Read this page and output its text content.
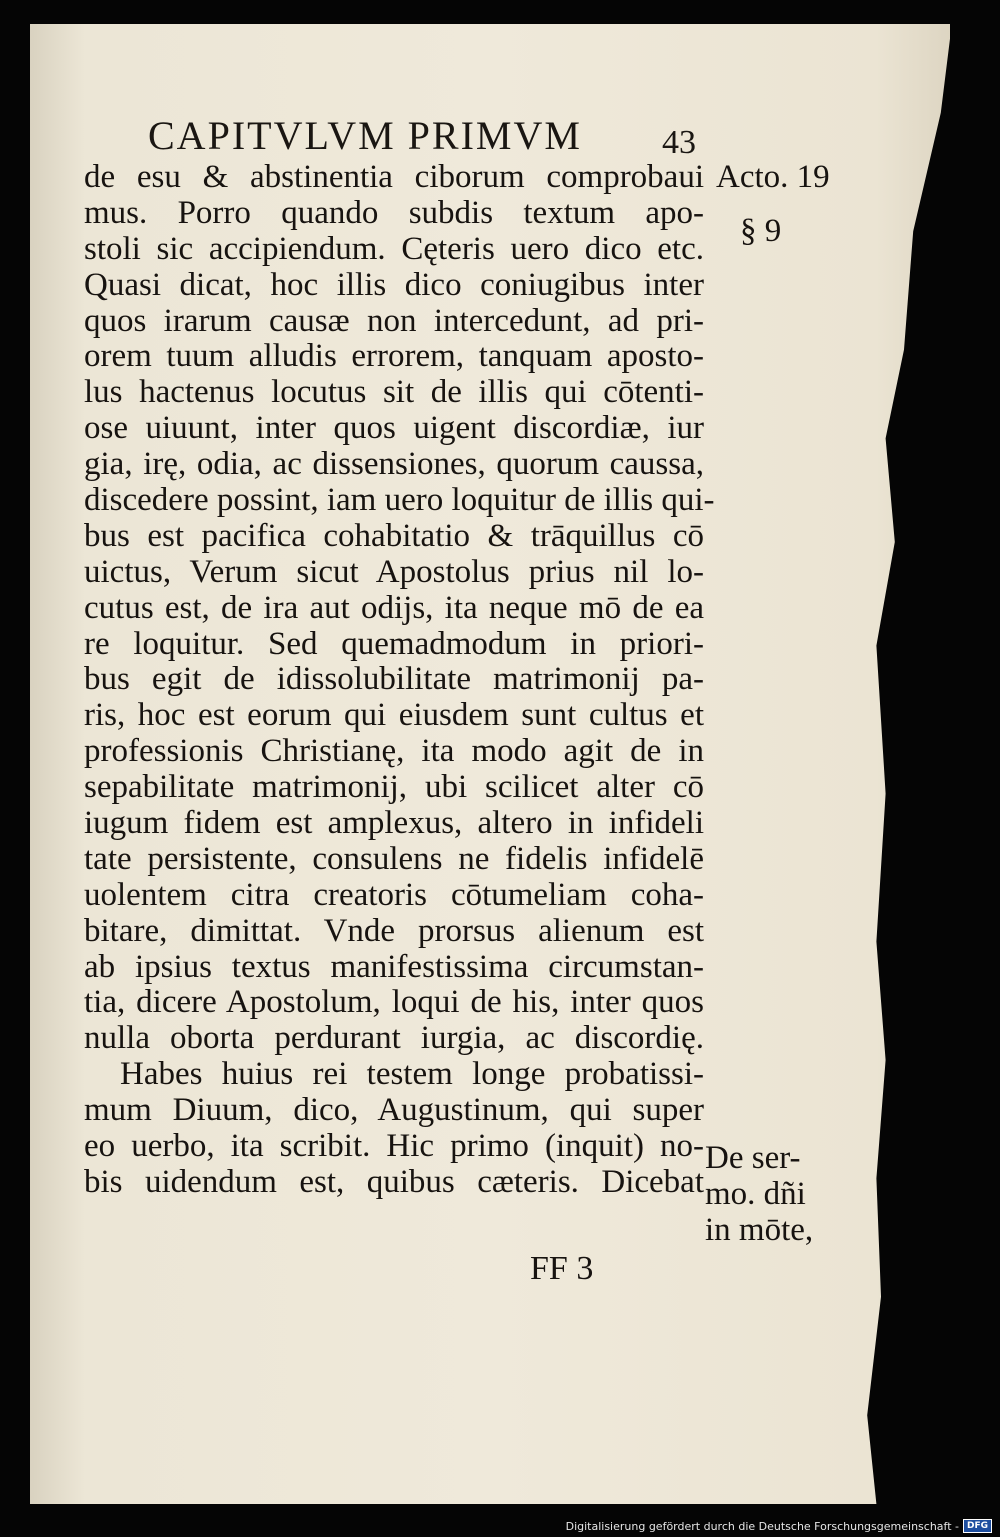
CAPITVLVM PRIMVM 43
de esu & abstinentia ciborum comprobaui
mus. Porro quando subdis textum apo-
stoli sic accipiendum. Cęteris uero dico etc.
Quasi dicat, hoc illis dico coniugibus inter
quos irarum causæ non intercedunt, ad pri-
orem tuum alludis errorem, tanquam aposto-
lus hactenus locutus sit de illis qui cōtenti-
ose uiuunt, inter quos uigent discordiæ, iur
gia, irę, odia, ac dissensiones, quorum caussa,
discedere possint, iam uero loquitur de illis qui-
bus est pacifica cohabitatio & trāquillus cō
uictus, Verum sicut Apostolus prius nil lo-
cutus est, de ira aut odijs, ita neque mō de ea
re loquitur. Sed quemadmodum in priori-
bus egit de idissolubilitate matrimonij pa-
ris, hoc est eorum qui eiusdem sunt cultus et
professionis Christianę, ita modo agit de in
sepabilitate matrimonij, ubi scilicet alter cō
iugum fidem est amplexus, altero in infideli
tate persistente, consulens ne fidelis infidelē
uolentem citra creatoris cōtumeliam coha-
bitare, dimittat. Vnde prorsus alienum est
ab ipsius textus manifestissima circumstan-
tia, dicere Apostolum, loqui de his, inter quos
nulla oborta perdurant iurgia, ac discordię.
Habes huius rei testem longe probatissi-
mum Diuum, dico, Augustinum, qui super
eo uerbo, ita scribit. Hic primo (inquit) no-
bis uidendum est, quibus cæteris. Dicebat
Acto. 19
§ 9
De ser-
mo. dñi
in mōte,
FF 3
Digitalisierung gefördert durch die Deutsche Forschungsgemeinschaft - DFG
